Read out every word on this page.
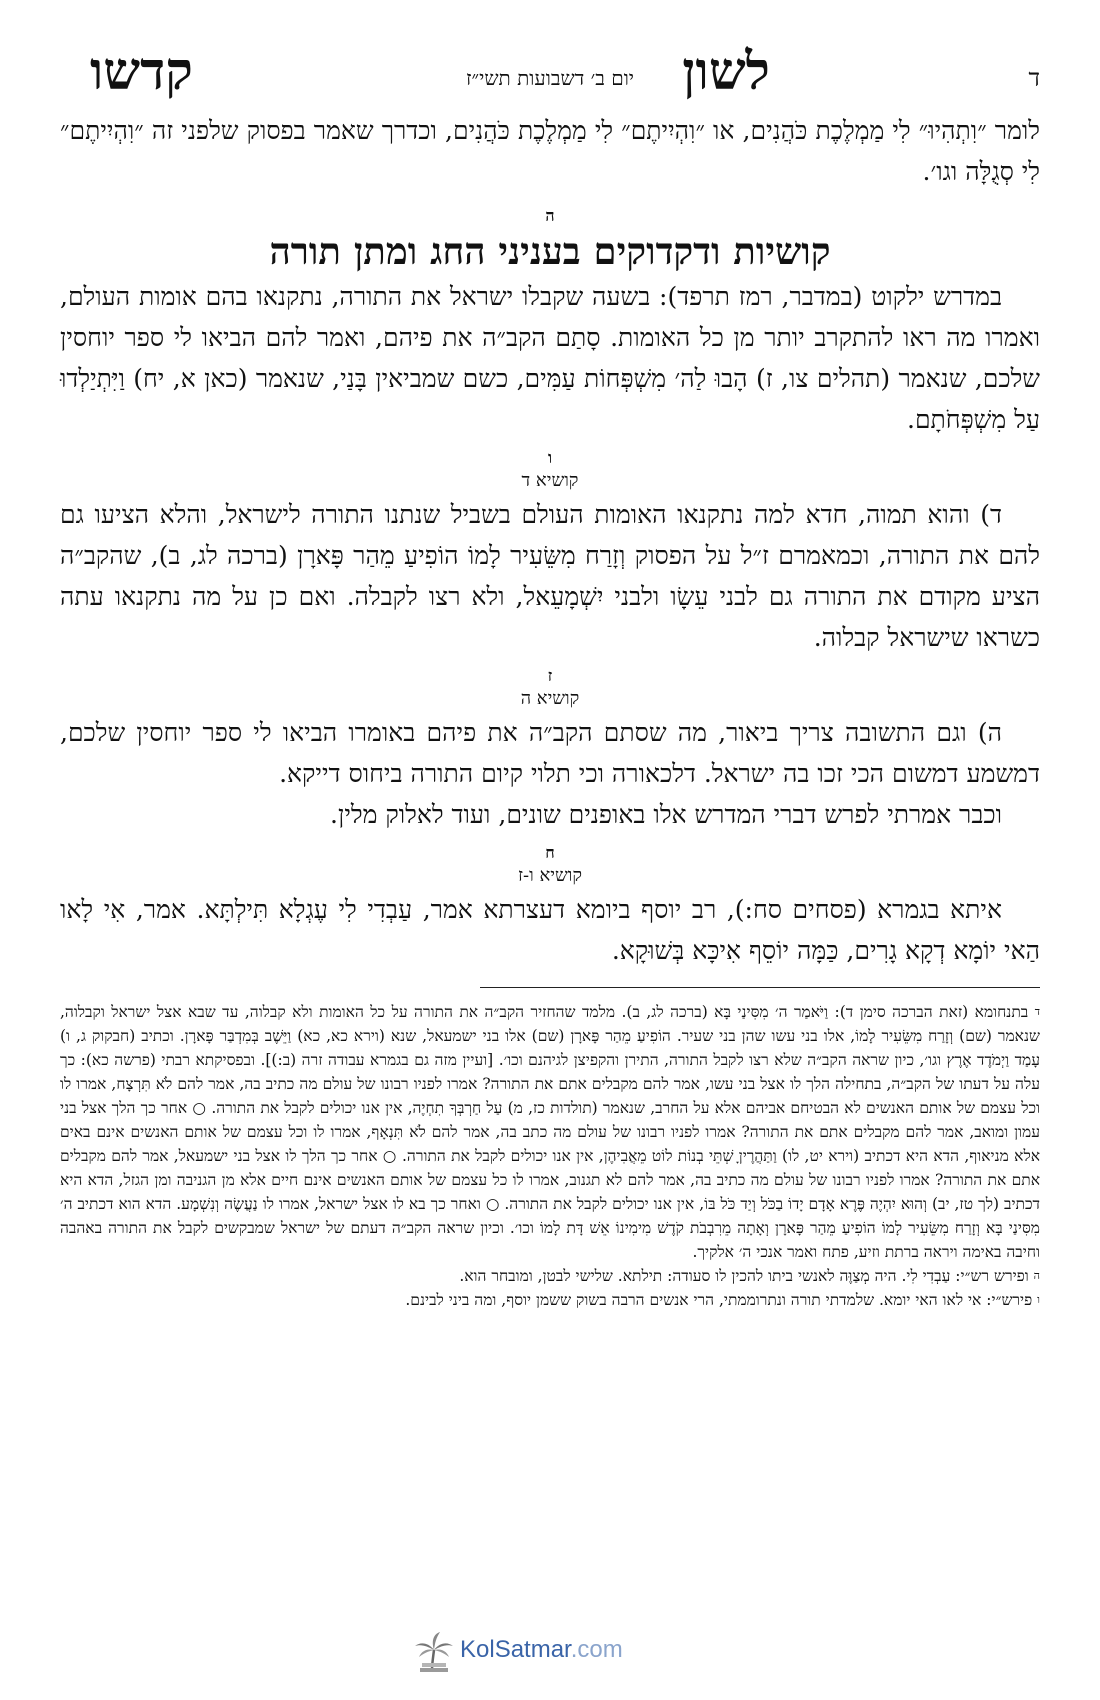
ד
לשון
יום ב׳ דשבועות תשי״ז
קדשו

לומר ״וִתְהִיוּ״ לִי מַמְלֶכֶת כֹּהֲנִים, או ״וִהְיִיתֶם״ לִי מַמְלֶכֶת כֹּהֲנִים, וכדרך שאמר בפסוק שלפני זה ״וִהְיִיתֶם״ לִי סְגֻלָּה וגו׳.

ה
קושיות ודקדוקים בעניני החג ומתן תורה

במדרש ילקוט (במדבר, רמז תרפד): בשעה שקבלו ישראל את התורה, נתקנאו בהם אומות העולם, ואמרו מה ראו להתקרב יותר מן כל האומות. סָתַם הקב״ה את פיהם, ואמר להם הביאו לי ספר יוחסין שלכם, שנאמר (תהלים צו, ז) הָבוּ לַה׳ מִשְׁפְּחוֹת עַמִּים, כשם שמביאין בָּנַי, שנאמר (כאן א, יח) וַיִּתְיַלְדוּ עַל מִשְׁפְּחֹתָם.

ו
קושיא ד

ד) והוא תמוה, חדא למה נתקנאו האומות העולם בשביל שנתנו התורה לישראל, והלא הציעו גם להם את התורה, וכמאמרם ז״ל על הפסוק וְזָרַח מִשֵּׂעִיר לָמוֹ הוֹפִיעַ מֵהַר פָּארָן (ברכה לג, ב), שהקב״ה הציע מקודם את התורה גם לבני עֵשָׂו ולבני יִשְׁמָעֵאל, ולא רצו לקבלה. ואם כן על מה נתקנאו עתה כשראו שישראל קבלוה.

ז
קושיא ה

ה) וגם התשובה צריך ביאור, מה שסתם הקב״ה את פיהם באומרו הביאו לי ספר יוחסין שלכם, דמשמע דמשום הכי זכו בה ישראל. דלכאורה וכי תלוי קיום התורה ביחוס דייקא.

וכבר אמרתי לפרש דברי המדרש אלו באופנים שונים, ועוד לאלוק מלין.

ח
קושיא ו-ז

איתא בגמרא (פסחים סח:), רב יוסף ביומא דעצרתא אמר, עַבְדִי לִי עֶגְלָא תִּילְתָּא. אמר, אִי לָאו הַאי יוֹמָא דְקָא גָרִים, כַּמָּה יוֹסֵף אִיכָּא בְּשׁוּקָא.

$^ד$ בתנחומא (זאת הברכה סימן ד): וַיֹּאמַר ה׳ מִסִּינַי בָּא (ברכה לג, ב). מלמד שהחזיר הקב״ה את התורה על כל האומות ולא קבלוה, עד שבא אצל ישראל וקבלוה, שנאמר (שם) וְזָרַח מִשֵּׂעִיר לָמוֹ, אלו בני עשו שהן בני שעיר. הוֹפִיעַ מֵהַר פָּארָן (שם) אלו בני ישמעאל, שנא (וירא כא, כא) וַיֵּשֶׁב בְּמִדְבַּר פָּארָן. וכתיב (חבקוק ג, ו) עָמַד וַיְמֹדֶד אֶרֶץ וגו׳, כיון שראה הקב״ה שלא רצו לקבל התורה, התירן והקפיצן לגיהנם וכו׳. [ועיין מזה גם בגמרא עבודה זרה (ב:)]. ובפסיקתא רבתי (פרשה כא): כך עלה על דעתו של הקב״ה, בתחילה הלך לו אצל בני עשו, אמר להם מקבלים אתם את התורה? אמרו לפניו רבונו של עולם מה כתיב בה, אמר להם לֹא תִּרְצָח, אמרו לו וכל עצמם של אותם האנשים לא הבטיחם אביהם אלא על החרב, שנאמר (תולדות כז, מ) עַל חַרְבְּךָ תִחְיֶה, אין אנו יכולים לקבל את התורה. ○ אחר כך הלך אצל בני עמון ומואב, אמר להם מקבלים אתם את התורה? אמרו לפניו רבונו של עולם מה כתב בה, אמר להם לֹא תִּנְאָף, אמרו לו וכל עצמם של אותם האנשים אינם באים אלא מניאוף, הדא היא דכתיב (וירא יט, לו) וַתַּהֲרֶיןָ שְׁתֵּי בְנוֹת לוֹט מֵאֲבִיהֶן, אין אנו יכולים לקבל את התורה. ○ אחר כך הלך לו אצל בני ישמעאל, אמר להם מקבלים אתם את התורה? אמרו לפניו רבונו של עולם מה כתיב בה, אמר להם לא תגנוב, אמרו לו כל עצמם של אותם האנשים אינם חיים אלא מן הגניבה ומן הגזל, הדא היא דכתיב (לך טז, יב) וְהוּא יִהְיֶה פֶּרֶא אָדָם יָדוֹ בַכֹּל וְיַד כֹּל בּוֹ, אין אנו יכולים לקבל את התורה. ○ ואחר כך בא לו אצל ישראל, אמרו לו נַעֲשֶׂה וְנִשְׁמָע. הדא הוא דכתיב ה׳ מִסִּינַי בָּא וְזָרַח מִשֵּׂעִיר לָמוֹ הוֹפִיעַ מֵהַר פָּארָן וְאָתָה מֵרִבְבֹת קֹדֶשׁ מִימִינוֹ אֵשׁ דָּת לָמוֹ וכו׳. וכיון שראה הקב״ה דעתם של ישראל שמבקשים לקבל את התורה באהבה וחיבה באימה ויראה ברתת וזיע, פתח ואמר אנכי ה׳ אלקיך.

$^ה$ ופירש רש״י: עַבְדִי לִי. היה מְצַוֶּה לאנשי ביתו להכין לו סעודה: תילתא. שלישי לבטן, ומובחר הוא.

$^ו$ פירש״י: אי לאו האי יומא. שלמדתי תורה ונתרוממתי, הרי אנשים הרבה בשוק ששמן יוסף, ומה ביני לבינם.

KolSatmar.com
